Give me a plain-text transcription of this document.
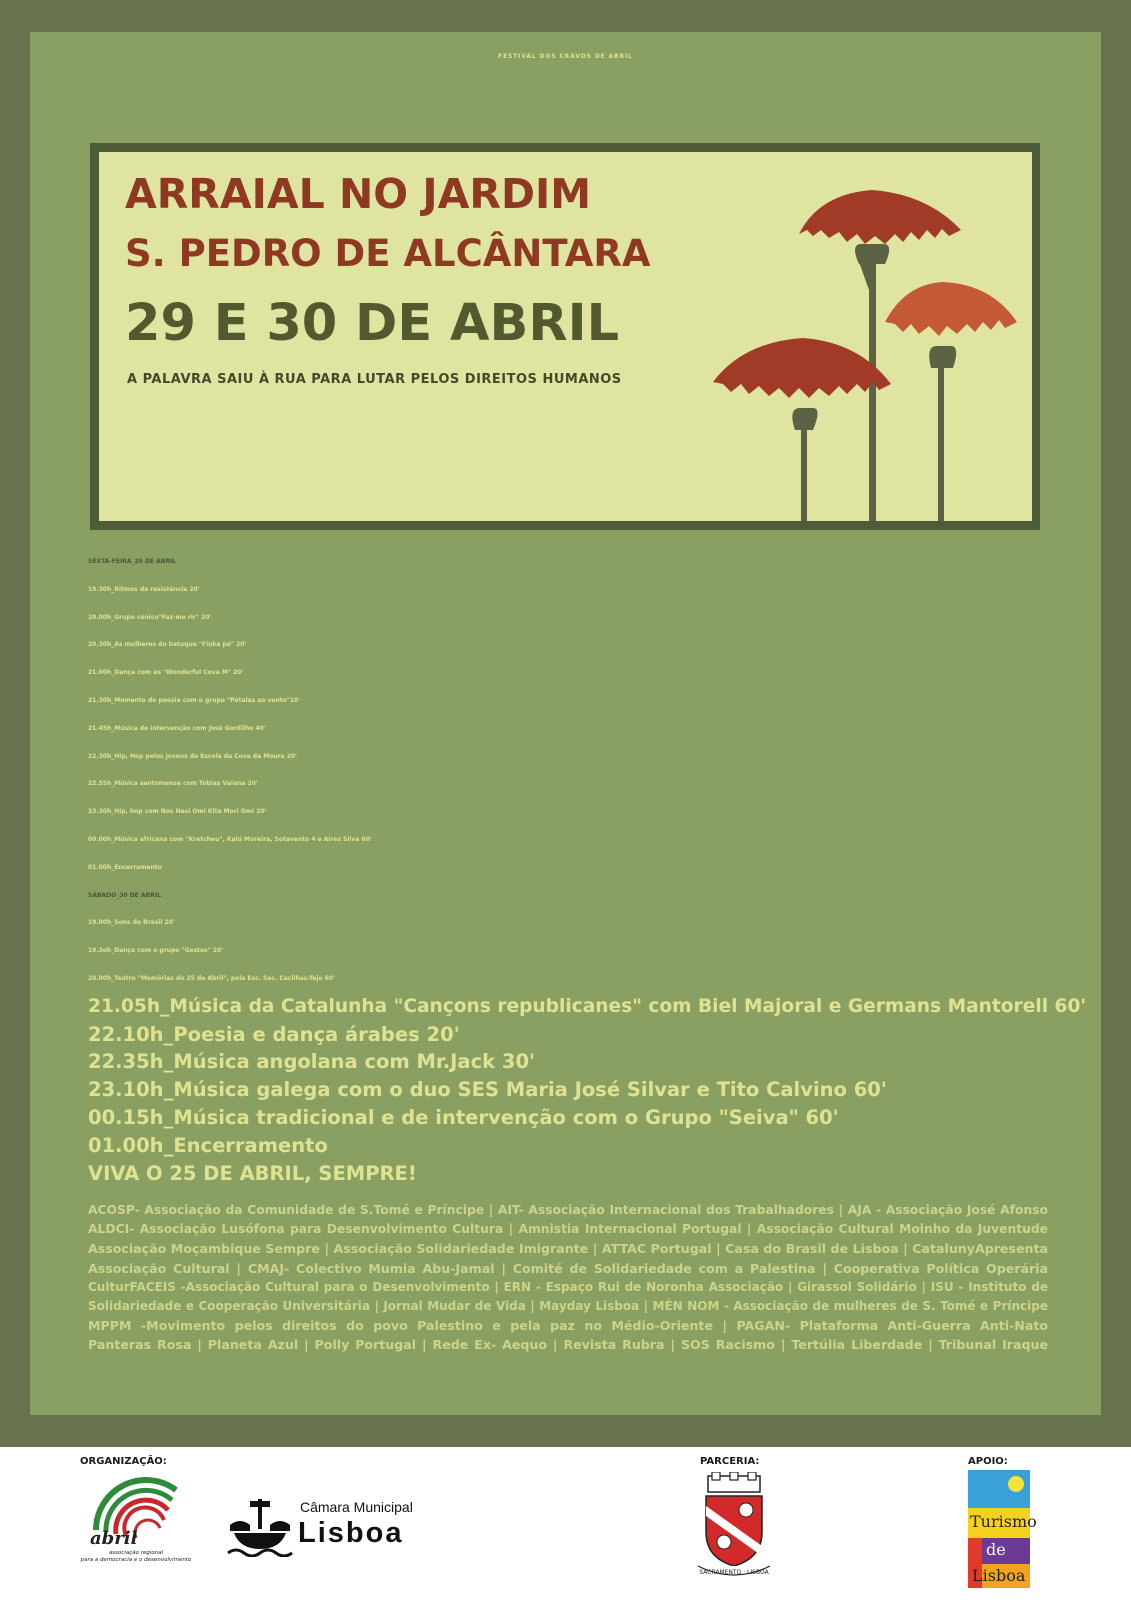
FESTIVAL DOS CRAVOS DE ABRIL
ARRAIAL NO JARDIM
S. PEDRO DE ALCÂNTARA
29 E 30 DE ABRIL
A PALAVRA SAIU À RUA PARA LUTAR PELOS DIREITOS HUMANOS
SEXTA-FEIRA_29 DE ABRIL
19.30h_Ritmos da resistência 20'
20.00h_Grupo cénico"Faz-me rir" 20'
20.30h_As mulheres do batuque "Finka pé" 20'
21.00h_Dança com as "Wonderful Cova M" 20'
21.30h_Momento de poesia com o grupo "Pétalas ao vento"10'
21.45h_Música de intervenção com José Gordilho 40'
22.30h_Hip, Hop pelos jovens da Escola da Cova da Moura 20'
22.55h_Música santomense com Tobias Vaiana 20'
23.30h_Hip, hop com Nos Nasi Omi Kita Mori Omi 20'
00.00h_Música africana com "Kretcheu", Kalú Moreira, Sotavento 4 e Aires Silva 60'
01.00h_Encerramento
SÁBADO_30 DE ABRIL
19.00h_Sons do Brasil 20'
19.3oh_Dança com o grupo "Gestos" 20'
20.00h_Teatro "Memórias do 25 de Abril", pela Esc. Sec. Cacilhas-Tejo 60'
21.05h_Música da Catalunha "Cançons republicanes" com Biel Majoral e Germans Mantorell 60'
22.10h_Poesia e dança árabes 20'
22.35h_Música angolana com Mr.Jack 30'
23.10h_Música galega com o duo SES Maria José Silvar e Tito Calvino 60'
00.15h_Música tradicional e de intervenção com o Grupo "Seiva" 60'
01.00h_Encerramento
VIVA O 25 DE ABRIL, SEMPRE!
ACOSP- Associação da Comunidade de S.Tomé e Príncipe | AIT- Associação Internacional dos Trabalhadores | AJA - Associação José Afonso
ALDCI- Associação Lusófona para Desenvolvimento Cultura | Amnistia Internacional Portugal | Associação Cultural Moinho da Juventude
Associação Moçambique Sempre | Associação Solidariedade Imigrante | ATTAC Portugal | Casa do Brasil de Lisboa | CatalunyApresenta
Associação Cultural | CMAJ- Colectivo Mumia Abu-Jamal | Comité de Solidariedade com a Palestina | Cooperativa Política Operária
CulturFACEIS -Associação Cultural para o Desenvolvimento | ERN - Espaço Rui de Noronha Associação | Girassol Solidário | ISU - Instituto de
Solidariedade e Cooperação Universitária | Jornal Mudar de Vida | Mayday Lisboa | MÉN NOM - Associação de mulheres de S. Tomé e Príncipe
MPPM -Movimento pelos direitos do povo Palestino e pela paz no Médio-Oriente | PAGAN- Plataforma Anti-Guerra Anti-Nato
Panteras Rosa | Planeta Azul | Polly Portugal | Rede Ex- Aequo | Revista Rubra | SOS Racismo | Tertúlia Liberdade | Tribunal Iraque
ORGANIZAÇÃO:	PARCERIA:	APOIO:
abril
associação regional
para a democracia e o desenvolvimento
Câmara Municipal
Lisboa
SACRAMENTO · LISBOA
Turismo
de
Lisboa
